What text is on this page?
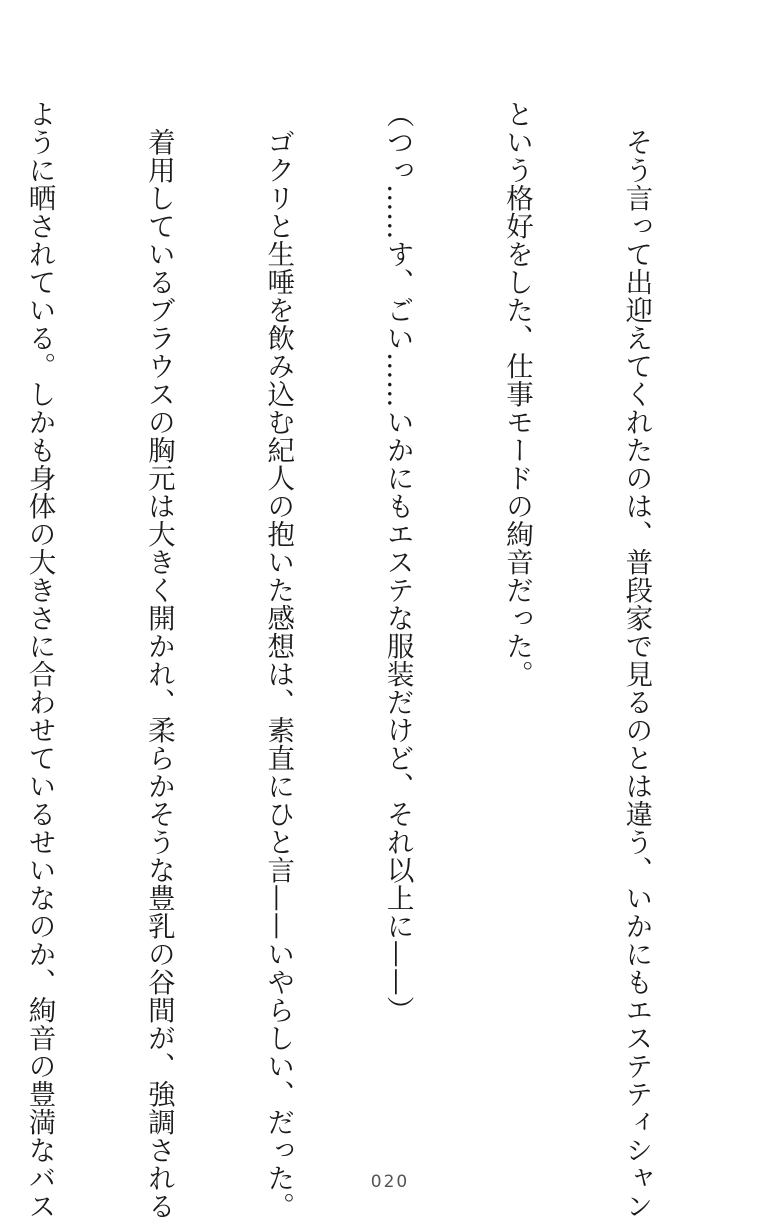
　そう言って出迎えてくれたのは、普段家で見るのとは違う、いかにもエステティシャン

という格好をした、仕事モードの絢音だった。

（つっ……す、ごい……いかにもエステな服装だけど、それ以上に——）

　ゴクリと生唾を飲み込む紀人の抱いた感想は、素直にひと言——いやらしい、だった。

　着用しているブラウスの胸元は大きく開かれ、柔らかそうな豊乳の谷間が、強調される

ように晒されている。しかも身体の大きさに合わせているせいなのか、絢音の豊満なバス

	020
